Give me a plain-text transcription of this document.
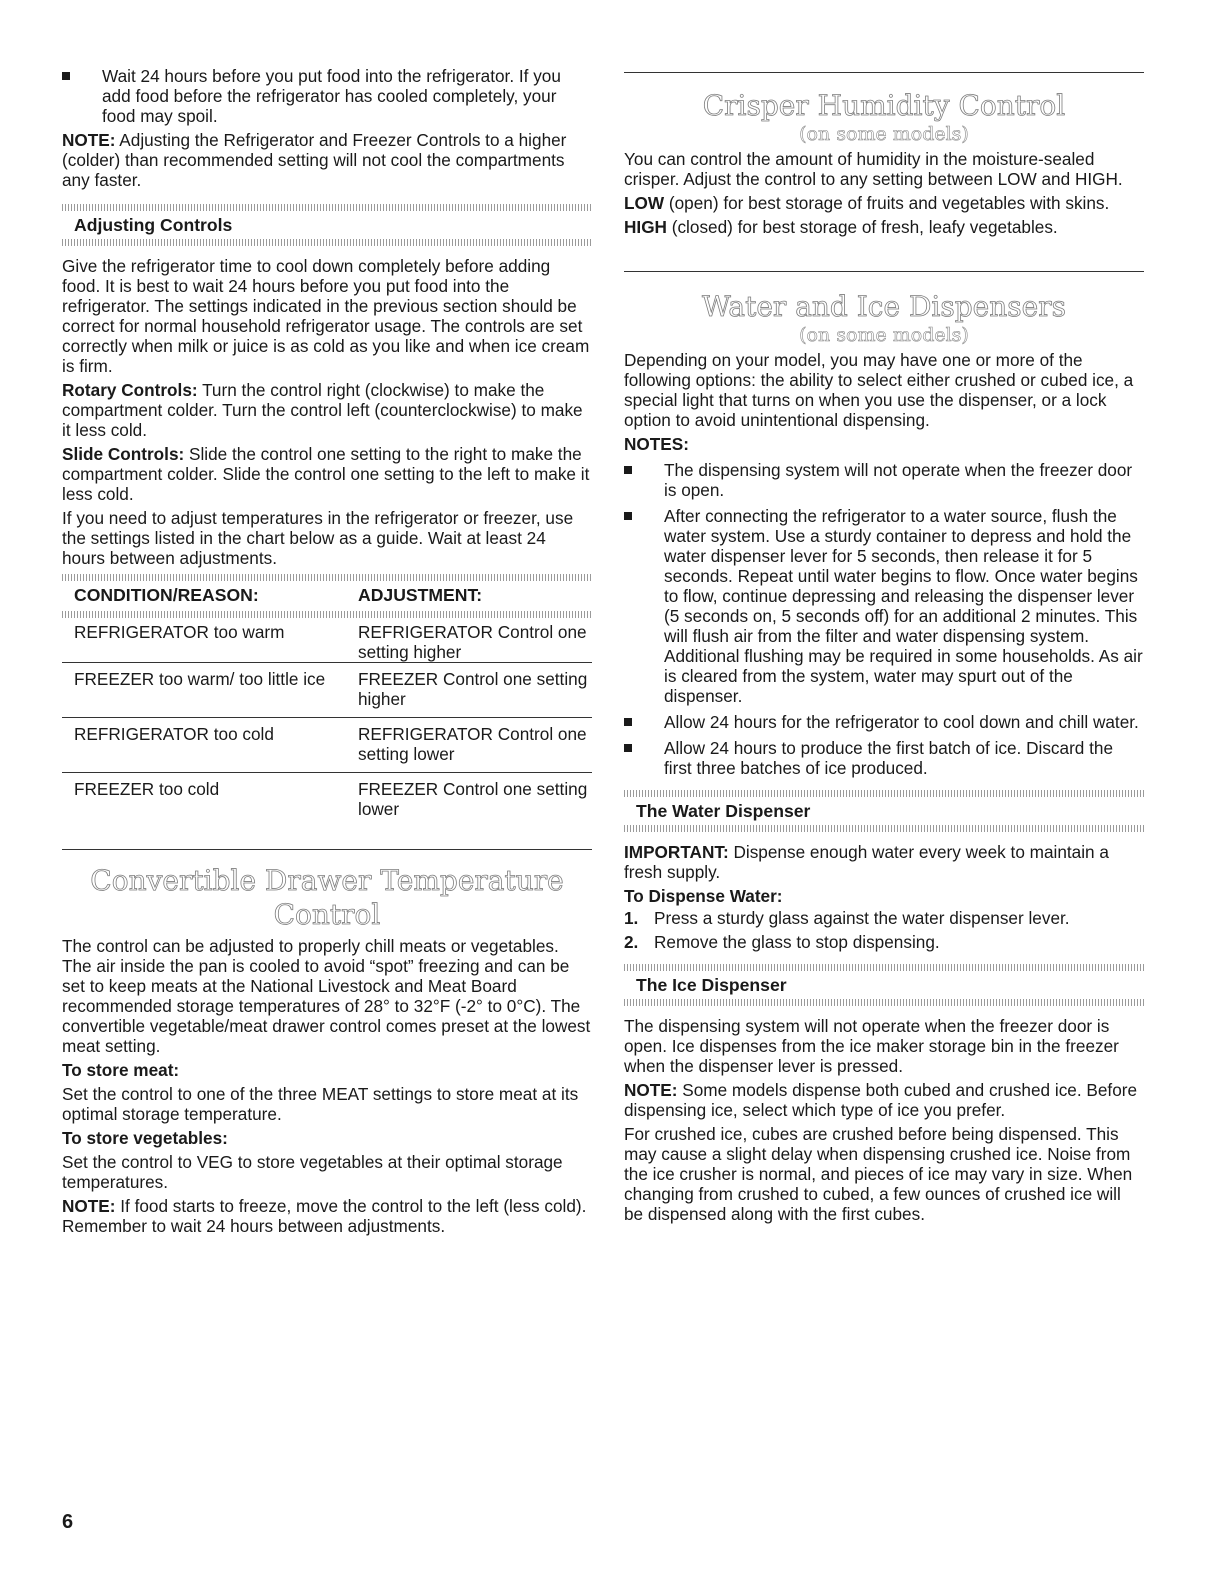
Wait 24 hours before you put food into the refrigerator. If you add food before the refrigerator has cooled completely, your food may spoil.

NOTE: Adjusting the Refrigerator and Freezer Controls to a higher (colder) than recommended setting will not cool the compartments any faster.

Adjusting Controls

Give the refrigerator time to cool down completely before adding food. It is best to wait 24 hours before you put food into the refrigerator. The settings indicated in the previous section should be correct for normal household refrigerator usage. The controls are set correctly when milk or juice is as cold as you like and when ice cream is firm.

Rotary Controls: Turn the control right (clockwise) to make the compartment colder. Turn the control left (counterclockwise) to make it less cold.

Slide Controls: Slide the control one setting to the right to make the compartment colder. Slide the control one setting to the left to make it less cold.

If you need to adjust temperatures in the refrigerator or freezer, use the settings listed in the chart below as a guide. Wait at least 24 hours between adjustments.

CONDITION/REASON:	ADJUSTMENT:

REFRIGERATOR too warm	REFRIGERATOR Control one setting higher
FREEZER too warm/ too little ice	FREEZER Control one setting higher
REFRIGERATOR too cold	REFRIGERATOR Control one setting lower
FREEZER too cold	FREEZER Control one setting lower
Convertible Drawer Temperature Control

The control can be adjusted to properly chill meats or vegetables. The air inside the pan is cooled to avoid “spot” freezing and can be set to keep meats at the National Livestock and Meat Board recommended storage temperatures of 28° to 32°F (-2° to 0°C). The convertible vegetable/meat drawer control comes preset at the lowest meat setting.

To store meat:

Set the control to one of the three MEAT settings to store meat at its optimal storage temperature.

To store vegetables:

Set the control to VEG to store vegetables at their optimal storage temperatures.

NOTE: If food starts to freeze, move the control to the left (less cold). Remember to wait 24 hours between adjustments.

Crisper Humidity Control
(on some models)

You can control the amount of humidity in the moisture-sealed crisper. Adjust the control to any setting between LOW and HIGH.

LOW (open) for best storage of fruits and vegetables with skins.

HIGH (closed) for best storage of fresh, leafy vegetables.

Water and Ice Dispensers
(on some models)

Depending on your model, you may have one or more of the following options: the ability to select either crushed or cubed ice, a special light that turns on when you use the dispenser, or a lock option to avoid unintentional dispensing.

NOTES:

The dispensing system will not operate when the freezer door is open.

After connecting the refrigerator to a water source, flush the water system. Use a sturdy container to depress and hold the water dispenser lever for 5 seconds, then release it for 5 seconds. Repeat until water begins to flow. Once water begins to flow, continue depressing and releasing the dispenser lever (5 seconds on, 5 seconds off) for an additional 2 minutes. This will flush air from the filter and water dispensing system. Additional flushing may be required in some households. As air is cleared from the system, water may spurt out of the dispenser.

Allow 24 hours for the refrigerator to cool down and chill water.

Allow 24 hours to produce the first batch of ice. Discard the first three batches of ice produced.

The Water Dispenser

IMPORTANT: Dispense enough water every week to maintain a fresh supply.

To Dispense Water:

1. Press a sturdy glass against the water dispenser lever.
2. Remove the glass to stop dispensing.
The Ice Dispenser

The dispensing system will not operate when the freezer door is open. Ice dispenses from the ice maker storage bin in the freezer when the dispenser lever is pressed.

NOTE: Some models dispense both cubed and crushed ice. Before dispensing ice, select which type of ice you prefer.

For crushed ice, cubes are crushed before being dispensed. This may cause a slight delay when dispensing crushed ice. Noise from the ice crusher is normal, and pieces of ice may vary in size. When changing from crushed to cubed, a few ounces of crushed ice will be dispensed along with the first cubes.

6
